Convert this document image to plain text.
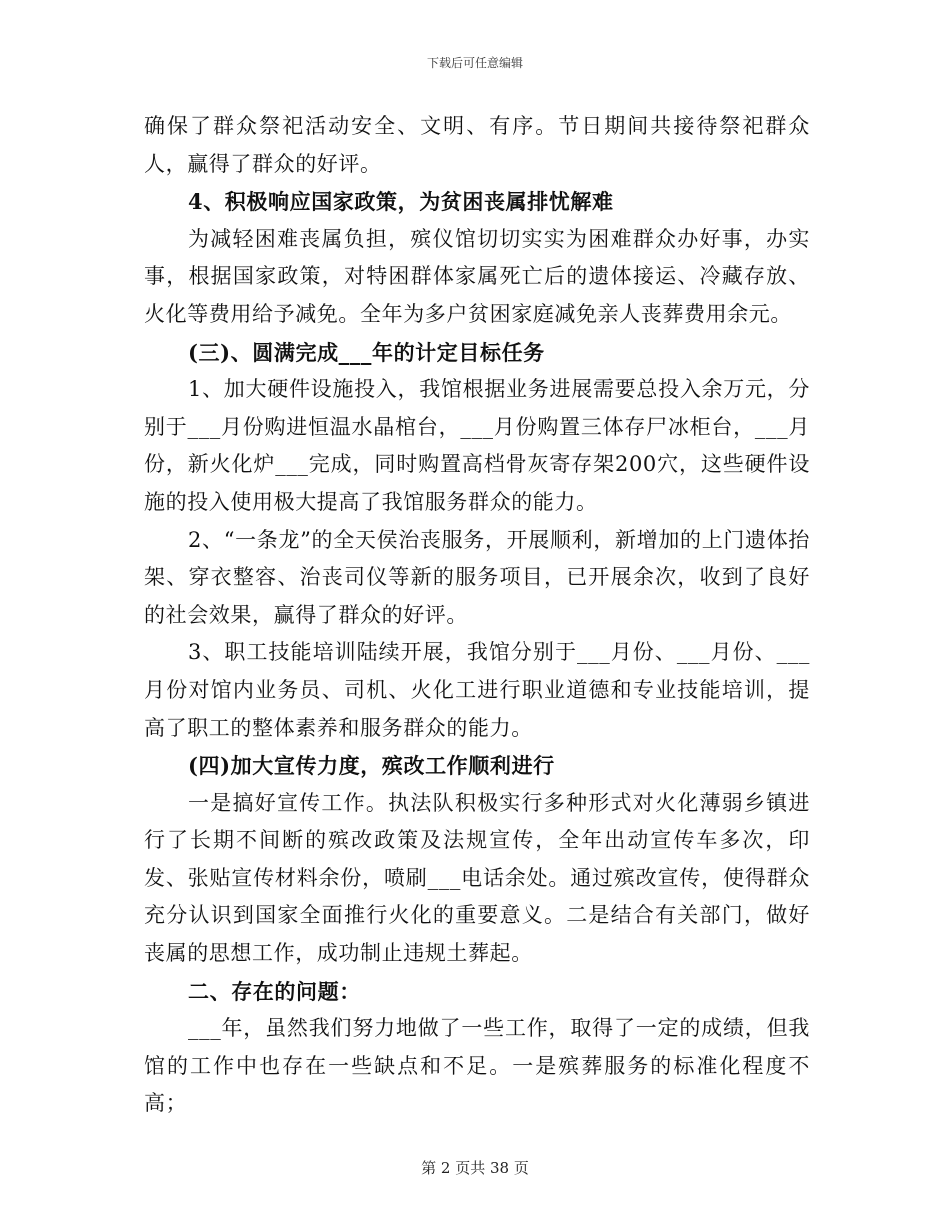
下载后可任意编辑

确保了群众祭祀活动安全、文明、有序。节日期间共接待祭祀群众人，赢得了群众的好评。

4、积极响应国家政策，为贫困丧属排忧解难

为减轻困难丧属负担，殡仪馆切切实实为困难群众办好事，办实事，根据国家政策，对特困群体家属死亡后的遗体接运、冷藏存放、火化等费用给予减免。全年为多户贫困家庭减免亲人丧葬费用余元。

(三)、圆满完成___年的计定目标任务

1、加大硬件设施投入，我馆根据业务进展需要总投入余万元，分别于___月份购进恒温水晶棺台，___月份购置三体存尸冰柜台，___月份，新火化炉___完成，同时购置高档骨灰寄存架200穴，这些硬件设施的投入使用极大提高了我馆服务群众的能力。

2、“一条龙”的全天侯治丧服务，开展顺利，新增加的上门遗体抬架、穿衣整容、治丧司仪等新的服务项目，已开展余次，收到了良好的社会效果，赢得了群众的好评。

3、职工技能培训陆续开展，我馆分别于___月份、___月份、___月份对馆内业务员、司机、火化工进行职业道德和专业技能培训，提高了职工的整体素养和服务群众的能力。

(四)加大宣传力度，殡改工作顺利进行

一是搞好宣传工作。执法队积极实行多种形式对火化薄弱乡镇进行了长期不间断的殡改政策及法规宣传，全年出动宣传车多次，印发、张贴宣传材料余份，喷刷___电话余处。通过殡改宣传，使得群众充分认识到国家全面推行火化的重要意义。二是结合有关部门，做好丧属的思想工作，成功制止违规土葬起。

二、存在的问题：

___年，虽然我们努力地做了一些工作，取得了一定的成绩，但我馆的工作中也存在一些缺点和不足。一是殡葬服务的标准化程度不高；

第 2 页共 38 页
